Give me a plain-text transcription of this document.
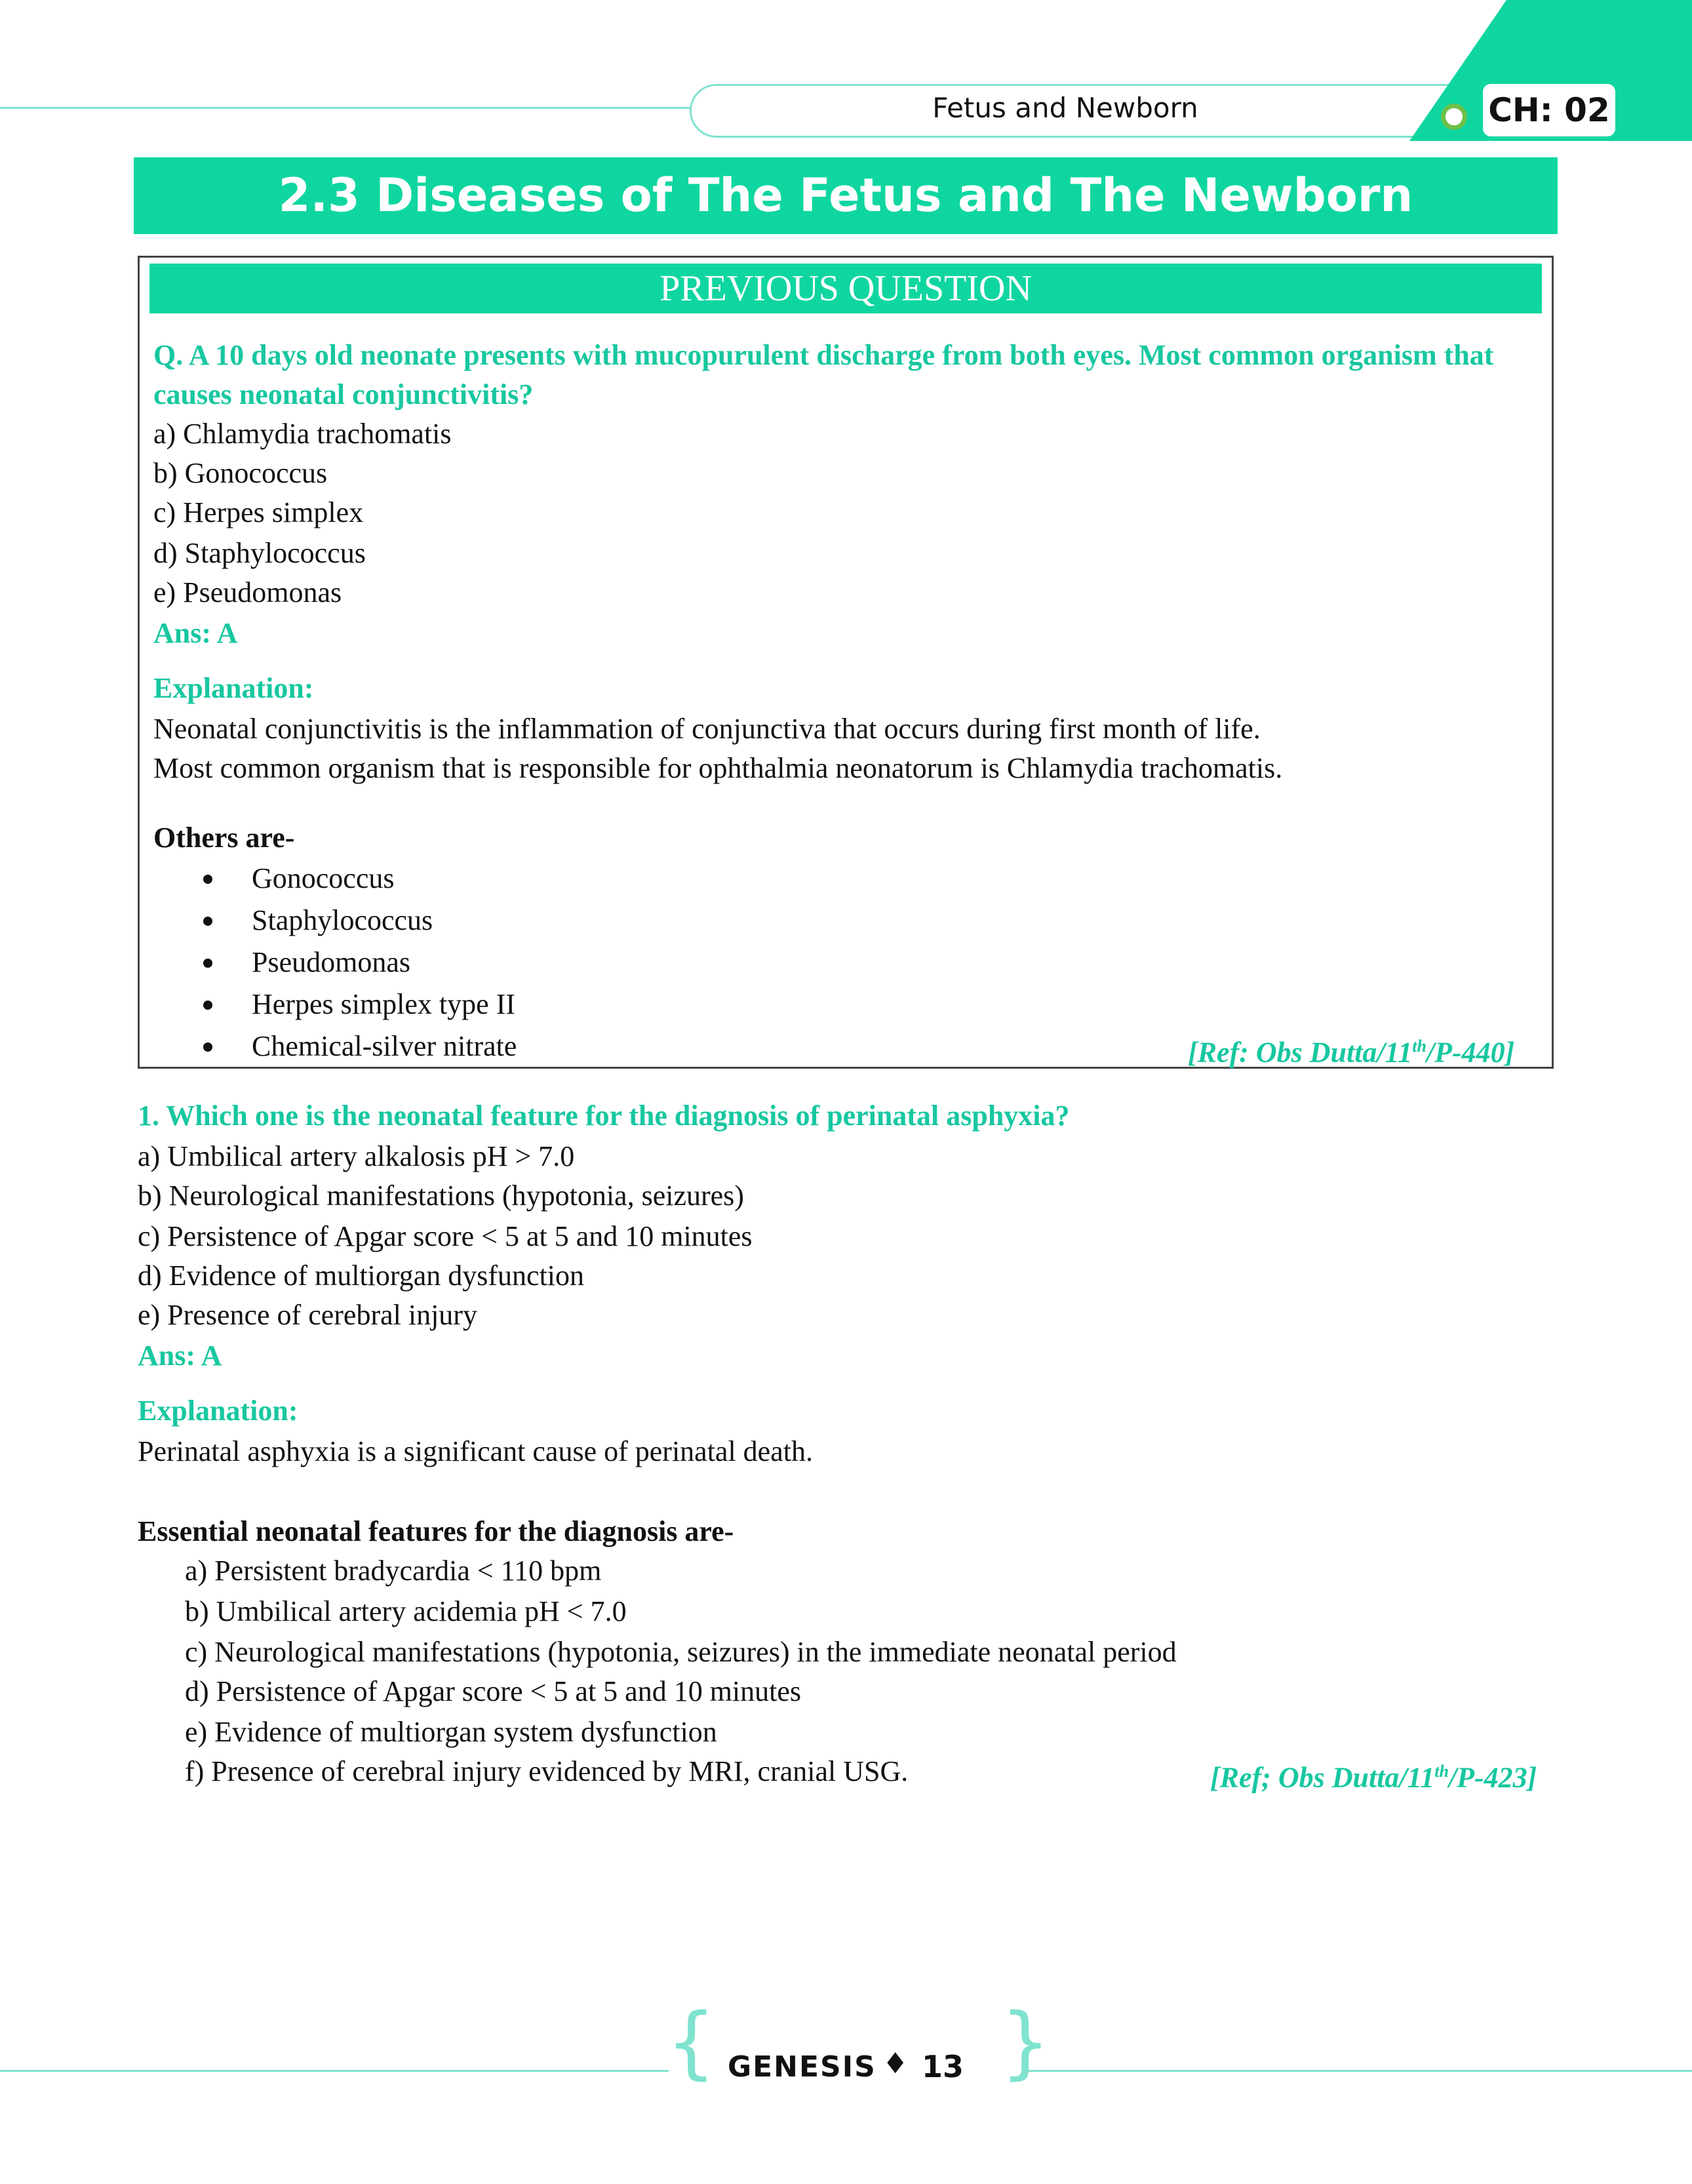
Fetus and Newborn	CH: 02
2.3 Diseases of The Fetus and The Newborn
PREVIOUS QUESTION
Q. A 10 days old neonate presents with mucopurulent discharge from both eyes. Most common organism that
causes neonatal conjunctivitis?
a) Chlamydia trachomatis
b) Gonococcus
c) Herpes simplex
d) Staphylococcus
e) Pseudomonas
Ans: A
Explanation:
Neonatal conjunctivitis is the inflammation of conjunctiva that occurs during first month of life.
Most common organism that is responsible for ophthalmia neonatorum is Chlamydia trachomatis.
Others are-
Gonococcus
Staphylococcus
Pseudomonas
Herpes simplex type II
Chemical-silver nitrate	[Ref: Obs Dutta/11th/P-440]
1. Which one is the neonatal feature for the diagnosis of perinatal asphyxia?
a) Umbilical artery alkalosis pH > 7.0
b) Neurological manifestations (hypotonia, seizures)
c) Persistence of Apgar score < 5 at 5 and 10 minutes
d) Evidence of multiorgan dysfunction
e) Presence of cerebral injury
Ans: A
Explanation:
Perinatal asphyxia is a significant cause of perinatal death.
Essential neonatal features for the diagnosis are-
a) Persistent bradycardia < 110 bpm
b) Umbilical artery acidemia pH < 7.0
c) Neurological manifestations (hypotonia, seizures) in the immediate neonatal period
d) Persistence of Apgar score < 5 at 5 and 10 minutes
e) Evidence of multiorgan system dysfunction
f) Presence of cerebral injury evidenced by MRI, cranial USG.	[Ref; Obs Dutta/11th/P-423]
{	}
GENESIS ♦ 13
